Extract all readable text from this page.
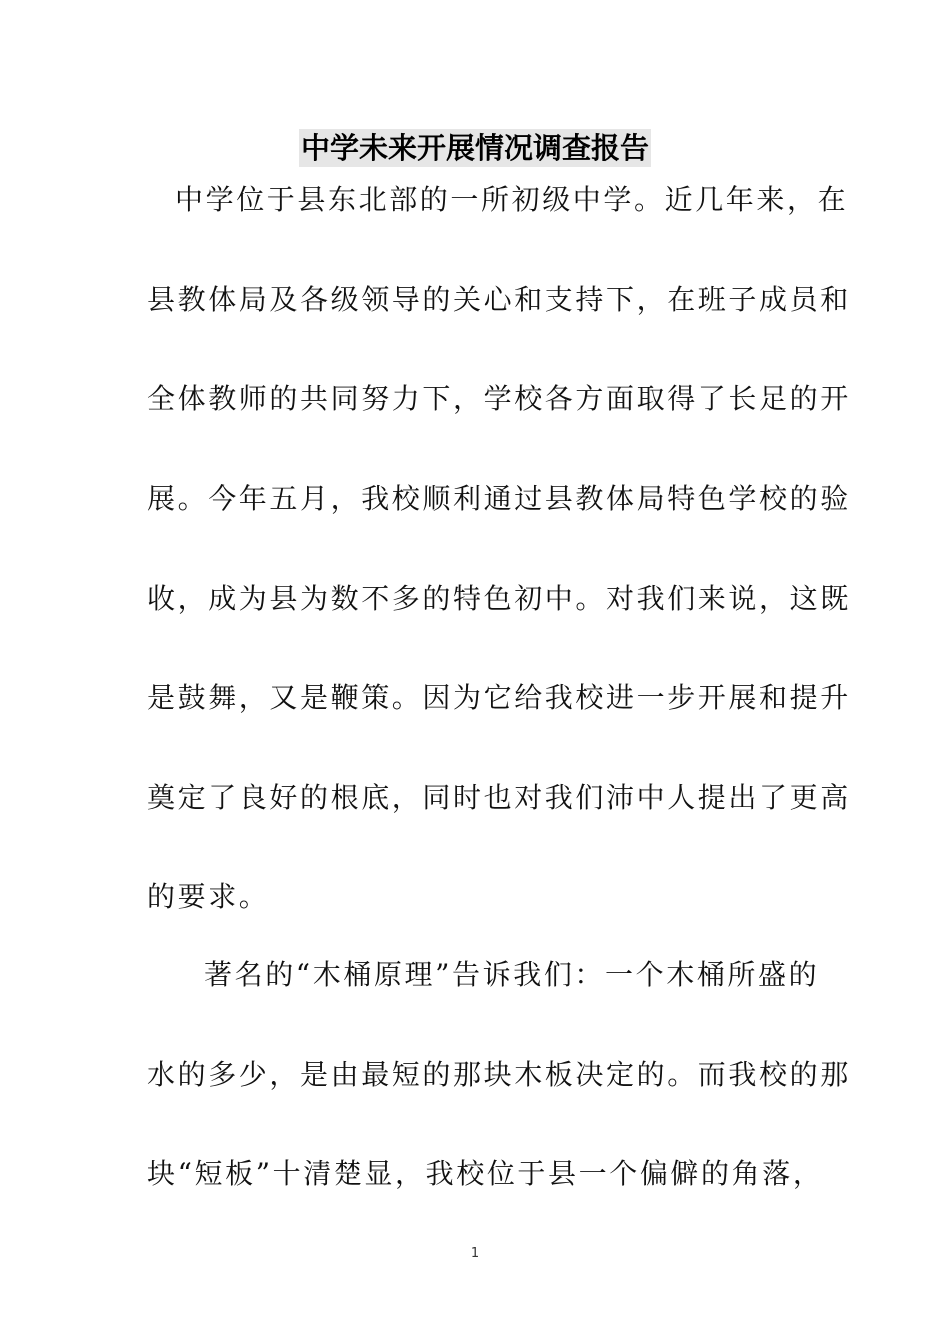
中学未来开展情况调查报告
中学位于县东北部的一所初级中学。近几年来，在
县教体局及各级领导的关心和支持下，在班子成员和
全体教师的共同努力下，学校各方面取得了长足的开
展。今年五月，我校顺利通过县教体局特色学校的验
收，成为县为数不多的特色初中。对我们来说，这既
是鼓舞，又是鞭策。因为它给我校进一步开展和提升
奠定了良好的根底，同时也对我们沛中人提出了更高
的要求。
著名的“木桶原理”告诉我们：一个木桶所盛的
水的多少，是由最短的那块木板决定的。而我校的那
块“短板”十清楚显，我校位于县一个偏僻的角落，
1
